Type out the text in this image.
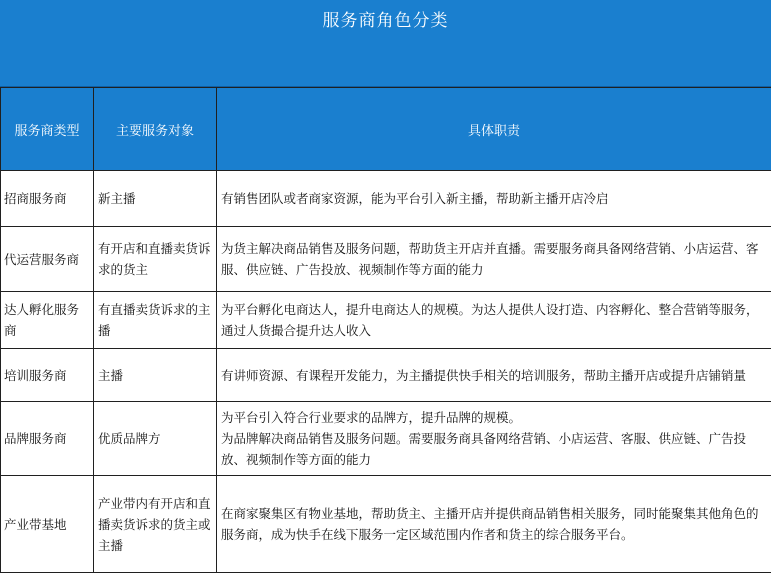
服务商角色分类
服务商类型	主要服务对象	具体职责
招商服务商	新主播	有销售团队或者商家资源，能为平台引入新主播，帮助新主播开店冷启
代运营服务商	有开店和直播卖货诉求的货主	为货主解决商品销售及服务问题，帮助货主开店并直播。需要服务商具备网络营销、小店运营、客服、供应链、广告投放、视频制作等方面的能力
达人孵化服务商	有直播卖货诉求的主播	为平台孵化电商达人，提升电商达人的规模。为达人提供人设打造、内容孵化、整合营销等服务，通过人货撮合提升达人收入
培训服务商	主播	有讲师资源、有课程开发能力，为主播提供快手相关的培训服务，帮助主播开店或提升店铺销量
品牌服务商	优质品牌方	为平台引入符合行业要求的品牌方，提升品牌的规模。
为品牌解决商品销售及服务问题。需要服务商具备网络营销、小店运营、客服、供应链、广告投放、视频制作等方面的能力

产业带基地	产业带内有开店和直播卖货诉求的货主或主播	在商家聚集区有物业基地，帮助货主、主播开店并提供商品销售相关服务，同时能聚集其他角色的服务商，成为快手在线下服务一定区域范围内作者和货主的综合服务平台。
